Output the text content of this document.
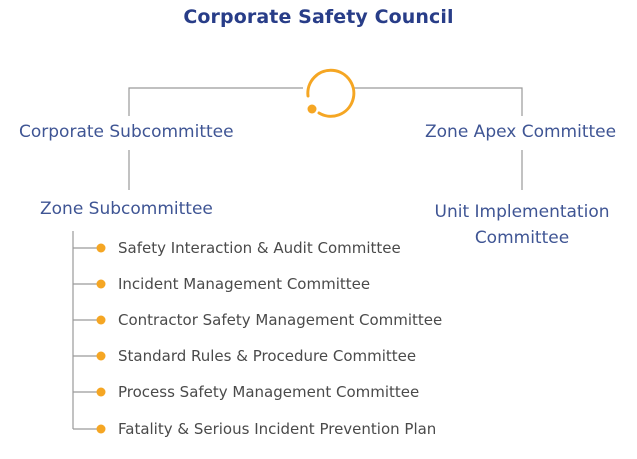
Corporate Safety Council
Corporate Subcommittee	Zone Apex Committee
Zone Subcommittee	Unit Implementation
Committee
Safety Interaction & Audit Committee
Incident Management Committee
Contractor Safety Management Committee
Standard Rules & Procedure Committee
Process Safety Management Committee
Fatality & Serious Incident Prevention Plan
